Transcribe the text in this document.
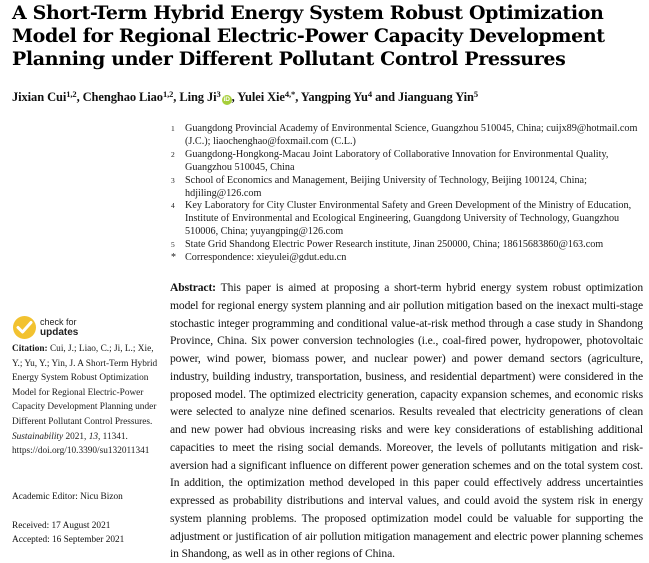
A Short-Term Hybrid Energy System Robust Optimization Model for Regional Electric-Power Capacity Development Planning under Different Pollutant Control Pressures
Jixian Cui$^{1,2}$, Chenghao Liao$^{1,2}$, Ling Ji$^3$iD , Yulei Xie$^{4,*}$, Yangping Yu$^4$ and Jianguang Yin$^5$
1	Guangdong Provincial Academy of Environmental Science, Guangzhou 510045, China; cuijx89@hotmail.com (J.C.); liaochenghao@foxmail.com (C.L.)
2	Guangdong-Hongkong-Macau Joint Laboratory of Collaborative Innovation for Environmental Quality, Guangzhou 510045, China
3	School of Economics and Management, Beijing University of Technology, Beijing 100124, China; hdjiling@126.com
4	Key Laboratory for City Cluster Environmental Safety and Green Development of the Ministry of Education, Institute of Environmental and Ecological Engineering, Guangdong University of Technology, Guangzhou 510006, China; yuyangping@126.com
5	State Grid Shandong Electric Power Research institute, Jinan 250000, China; 18615683860@163.com
* Correspondence: xieyulei@gdut.edu.cn
check for
updates
Citation: Cui, J.; Liao, C.; Ji, L.; Xie, Y.; Yu, Y.; Yin, J. A Short-Term Hybrid Energy System Robust Optimization Model for Regional Electric-Power Capacity Development Planning under Different Pollutant Control Pressures. Sustainability 2021, 13, 11341. https://doi.org/10.3390/su132011341
Academic Editor: Nicu Bizon
Received: 17 August 2021
Accepted: 16 September 2021
Abstract: This paper is aimed at proposing a short-term hybrid energy system robust optimization model for regional energy system planning and air pollution mitigation based on the inexact multi-stage stochastic integer programming and conditional value-at-risk method through a case study in Shandong Province, China. Six power conversion technologies (i.e., coal-fired power, hydropower, photovoltaic power, wind power, biomass power, and nuclear power) and power demand sectors (agriculture, industry, building industry, transportation, business, and residential department) were considered in the proposed model. The optimized electricity generation, capacity expansion schemes, and economic risks were selected to analyze nine defined scenarios. Results revealed that electricity generations of clean and new power had obvious increasing risks and were key considerations of establishing additional capacities to meet the rising social demands. Moreover, the levels of pollutants mitigation and risk-aversion had a significant influence on different power generation schemes and on the total system cost. In addition, the optimization method developed in this paper could effectively address uncertainties expressed as probability distributions and interval values, and could avoid the system risk in energy system planning problems. The proposed optimization model could be valuable for supporting the adjustment or justification of air pollution mitigation management and electric power planning schemes in Shandong, as well as in other regions of China.
